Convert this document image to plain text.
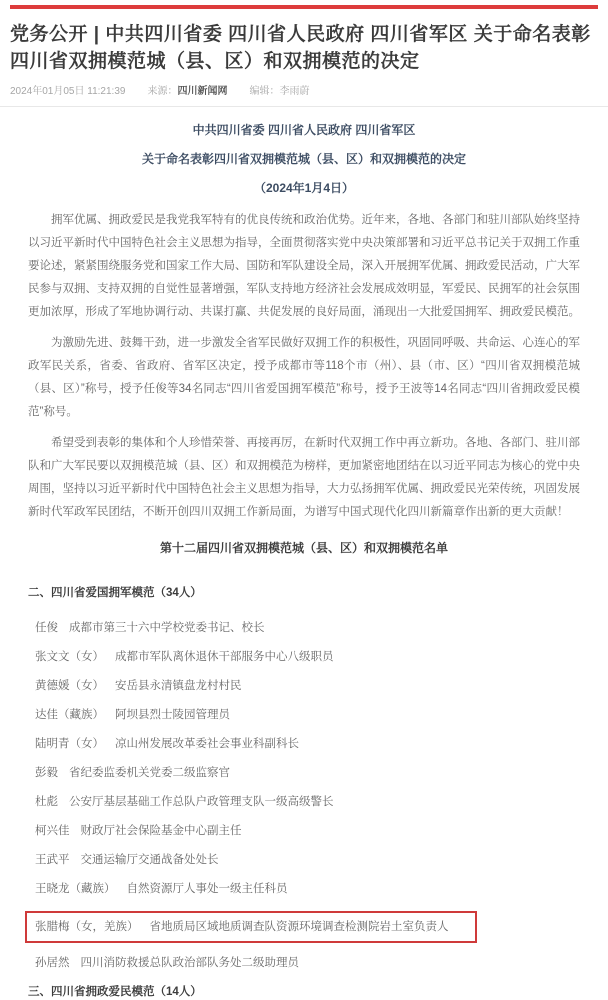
党务公开 | 中共四川省委 四川省人民政府 四川省军区 关于命名表彰四川省双拥模范城（县、区）和双拥模范的决定
2024年01月05日 11:21:39 来源：四川新闻网 编辑：李雨蔚

中共四川省委 四川省人民政府 四川省军区

关于命名表彰四川省双拥模范城（县、区）和双拥模范的决定

（2024年1月4日）

拥军优属、拥政爱民是我党我军特有的优良传统和政治优势。近年来，各地、各部门和驻川部队始终坚持以习近平新时代中国特色社会主义思想为指导，全面贯彻落实党中央决策部署和习近平总书记关于双拥工作重要论述，紧紧围绕服务党和国家工作大局、国防和军队建设全局，深入开展拥军优属、拥政爱民活动，广大军民参与双拥、支持双拥的自觉性显著增强，军队支持地方经济社会发展成效明显，军爱民、民拥军的社会氛围更加浓厚，形成了军地协调行动、共谋打赢、共促发展的良好局面，涌现出一大批爱国拥军、拥政爱民模范。

为激励先进、鼓舞干劲，进一步激发全省军民做好双拥工作的积极性，巩固同呼吸、共命运、心连心的军政军民关系，省委、省政府、省军区决定，授予成都市等118个市（州）、县（市、区）“四川省双拥模范城（县、区）”称号，授予任俊等34名同志“四川省爱国拥军模范”称号，授予王波等14名同志“四川省拥政爱民模范”称号。

希望受到表彰的集体和个人珍惜荣誉、再接再厉，在新时代双拥工作中再立新功。各地、各部门、驻川部队和广大军民要以双拥模范城（县、区）和双拥模范为榜样，更加紧密地团结在以习近平同志为核心的党中央周围，坚持以习近平新时代中国特色社会主义思想为指导，大力弘扬拥军优属、拥政爱民光荣传统，巩固发展新时代军政军民团结，不断开创四川双拥工作新局面，为谱写中国式现代化四川新篇章作出新的更大贡献！

第十二届四川省双拥模范城（县、区）和双拥模范名单

二、四川省爱国拥军模范（34人）

任俊 成都市第三十六中学校党委书记、校长
张文文（女） 成都市军队离休退休干部服务中心八级职员
黄德媛（女） 安岳县永清镇盘龙村村民
达佳（藏族） 阿坝县烈士陵园管理员
陆明青（女） 凉山州发展改革委社会事业科副科长
彭毅 省纪委监委机关党委二级监察官
杜彪 公安厅基层基础工作总队户政管理支队一级高级警长
柯兴佳 财政厅社会保险基金中心副主任
王武平 交通运输厅交通战备处处长
王晓龙（藏族） 自然资源厅人事处一级主任科员
张腊梅（女，羌族） 省地质局区域地质调查队资源环境调查检测院岩土室负责人
孙居然 四川消防救援总队政治部队务处二级助理员

三、四川省拥政爱民模范（14人）
